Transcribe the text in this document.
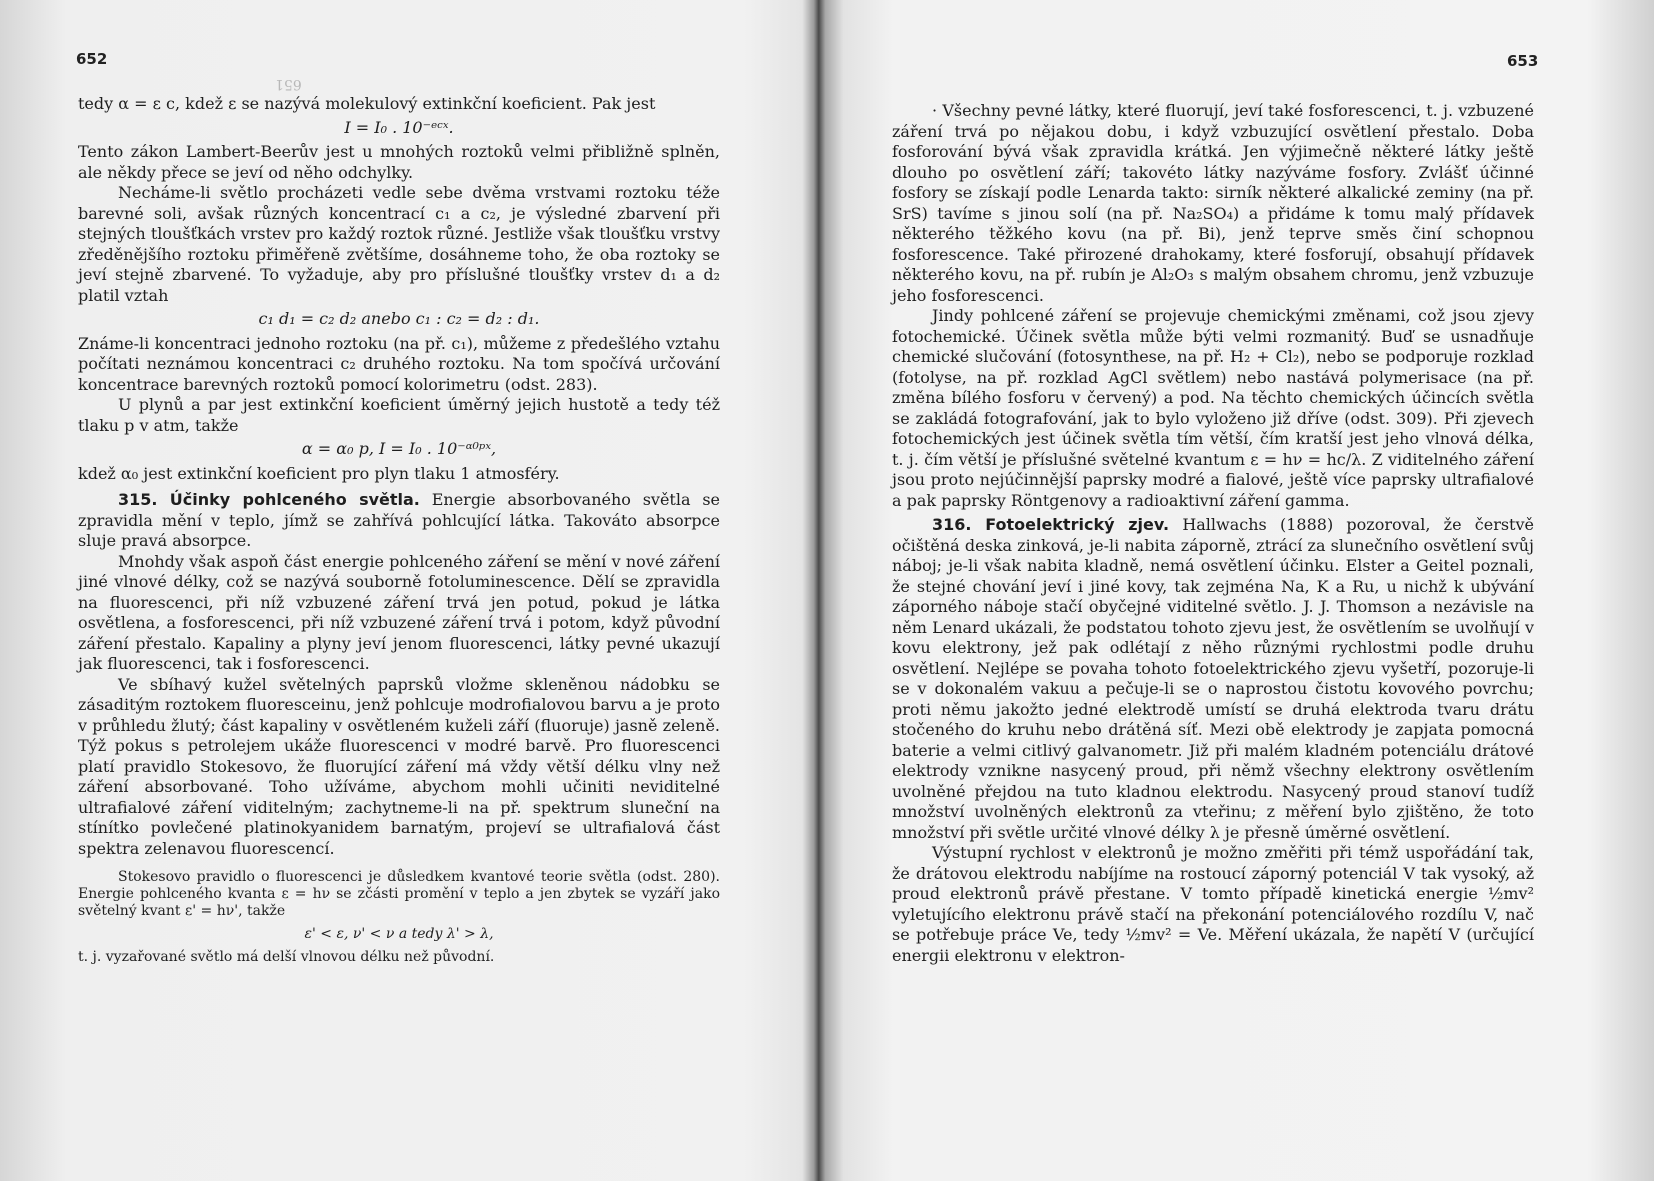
652
651

tedy α = ε c, kdež ε se nazývá molekulový extinkční koeficient. Pak jest

I = I₀ . 10⁻ᵉᶜˣ.

Tento zákon Lambert-Beerův jest u mnohých roztoků velmi přibližně splněn, ale někdy přece se jeví od něho odchylky.

Necháme-li světlo procházeti vedle sebe dvěma vrstvami roztoku téže barevné soli, avšak různých koncentrací c₁ a c₂, je výsledné zbarvení při stejných tloušťkách vrstev pro každý roztok různé. Jestliže však tloušťku vrstvy zředěnějšího roztoku přiměřeně zvětšíme, dosáhneme toho, že oba roztoky se jeví stejně zbarvené. To vyžaduje, aby pro příslušné tloušťky vrstev d₁ a d₂ platil vztah

c₁ d₁ = c₂ d₂ anebo c₁ : c₂ = d₂ : d₁.

Známe-li koncentraci jednoho roztoku (na př. c₁), můžeme z předešlého vztahu počítati neznámou koncentraci c₂ druhého roztoku. Na tom spočívá určování koncentrace barevných roztoků pomocí kolorimetru (odst. 283).

U plynů a par jest extinkční koeficient úměrný jejich hustotě a tedy též tlaku p v atm, takže

α = α₀ p, I = I₀ . 10⁻ᵅ⁰ᵖˣ,

kdež α₀ jest extinkční koeficient pro plyn tlaku 1 atmosféry.

315. Účinky pohlceného světla. Energie absorbovaného světla se zpravidla mění v teplo, jímž se zahřívá pohlcující látka. Takováto absorpce sluje pravá absorpce.

Mnohdy však aspoň část energie pohlceného záření se mění v nové záření jiné vlnové délky, což se nazývá souborně fotoluminescence. Dělí se zpravidla na fluorescenci, při níž vzbuzené záření trvá jen potud, pokud je látka osvětlena, a fosforescenci, při níž vzbuzené záření trvá i potom, když původní záření přestalo. Kapaliny a plyny jeví jenom fluorescenci, látky pevné ukazují jak fluorescenci, tak i fosforescenci.

Ve sbíhavý kužel světelných paprsků vložme skleněnou nádobku se zásaditým roztokem fluoresceinu, jenž pohlcuje modrofialovou barvu a je proto v průhledu žlutý; část kapaliny v osvětleném kuželi září (fluoruje) jasně zeleně. Týž pokus s petrolejem ukáže fluorescenci v modré barvě. Pro fluorescenci platí pravidlo Stokesovo, že fluorující záření má vždy větší délku vlny než záření absorbované. Toho užíváme, abychom mohli učiniti neviditelné ultrafialové záření viditelným; zachytneme-li na př. spektrum sluneční na stínítko povlečené platinokyanidem barnatým, projeví se ultrafialová část spektra zelenavou fluorescencí.

Stokesovo pravidlo o fluorescenci je důsledkem kvantové teorie světla (odst. 280). Energie pohlceného kvanta ε = hν se zčásti promění v teplo a jen zbytek se vyzáří jako světelný kvant ε' = hν', takže

ε' < ε, ν' < ν a tedy λ' > λ,

t. j. vyzařované světlo má delší vlnovou délku než původní.

653

· Všechny pevné látky, které fluorují, jeví také fosforescenci, t. j. vzbuzené záření trvá po nějakou dobu, i když vzbuzující osvětlení přestalo. Doba fosforování bývá však zpravidla krátká. Jen výjimečně některé látky ještě dlouho po osvětlení září; takovéto látky nazýváme fosfory. Zvlášť účinné fosfory se získají podle Lenarda takto: sirník některé alkalické zeminy (na př. SrS) tavíme s jinou solí (na př. Na₂SO₄) a přidáme k tomu malý přídavek některého těžkého kovu (na př. Bi), jenž teprve směs činí schopnou fosforescence. Také přirozené drahokamy, které fosforují, obsahují přídavek některého kovu, na př. rubín je Al₂O₃ s malým obsahem chromu, jenž vzbuzuje jeho fosforescenci.

Jindy pohlcené záření se projevuje chemickými změnami, což jsou zjevy fotochemické. Účinek světla může býti velmi rozmanitý. Buď se usnadňuje chemické slučování (fotosynthese, na př. H₂ + Cl₂), nebo se podporuje rozklad (fotolyse, na př. rozklad AgCl světlem) nebo nastává polymerisace (na př. změna bílého fosforu v červený) a pod. Na těchto chemických účincích světla se zakládá fotografování, jak to bylo vyloženo již dříve (odst. 309). Při zjevech fotochemických jest účinek světla tím větší, čím kratší jest jeho vlnová délka, t. j. čím větší je příslušné světelné kvantum ε = hν = hc/λ. Z viditelného záření jsou proto nejúčinnější paprsky modré a fialové, ještě více paprsky ultrafialové a pak paprsky Röntgenovy a radioaktivní záření gamma.

316. Fotoelektrický zjev. Hallwachs (1888) pozoroval, že čerstvě očištěná deska zinková, je-li nabita záporně, ztrácí za slunečního osvětlení svůj náboj; je-li však nabita kladně, nemá osvětlení účinku. Elster a Geitel poznali, že stejné chování jeví i jiné kovy, tak zejména Na, K a Ru, u nichž k ubývání záporného náboje stačí obyčejné viditelné světlo. J. J. Thomson a nezávisle na něm Lenard ukázali, že podstatou tohoto zjevu jest, že osvětlením se uvolňují v kovu elektrony, jež pak odlétají z něho různými rychlostmi podle druhu osvětlení. Nejlépe se povaha tohoto fotoelektrického zjevu vyšetří, pozoruje-li se v dokonalém vakuu a pečuje-li se o naprostou čistotu kovového povrchu; proti němu jakožto jedné elektrodě umístí se druhá elektroda tvaru drátu stočeného do kruhu nebo drátěná síť. Mezi obě elektrody je zapjata pomocná baterie a velmi citlivý galvanometr. Již při malém kladném potenciálu drátové elektrody vznikne nasycený proud, při němž všechny elektrony osvětlením uvolněné přejdou na tuto kladnou elektrodu. Nasycený proud stanoví tudíž množství uvolněných elektronů za vteřinu; z měření bylo zjištěno, že toto množství při světle určité vlnové délky λ je přesně úměrné osvětlení.

Výstupní rychlost v elektronů je možno změřiti při témž uspořádání tak, že drátovou elektrodu nabíjíme na rostoucí záporný potenciál V tak vysoký, až proud elektronů právě přestane. V tomto případě kinetická energie ½mv² vyletujícího elektronu právě stačí na překonání potenciálového rozdílu V, nač se potřebuje práce Ve, tedy ½mv² = Ve. Měření ukázala, že napětí V (určující energii elektronu v elektron-
